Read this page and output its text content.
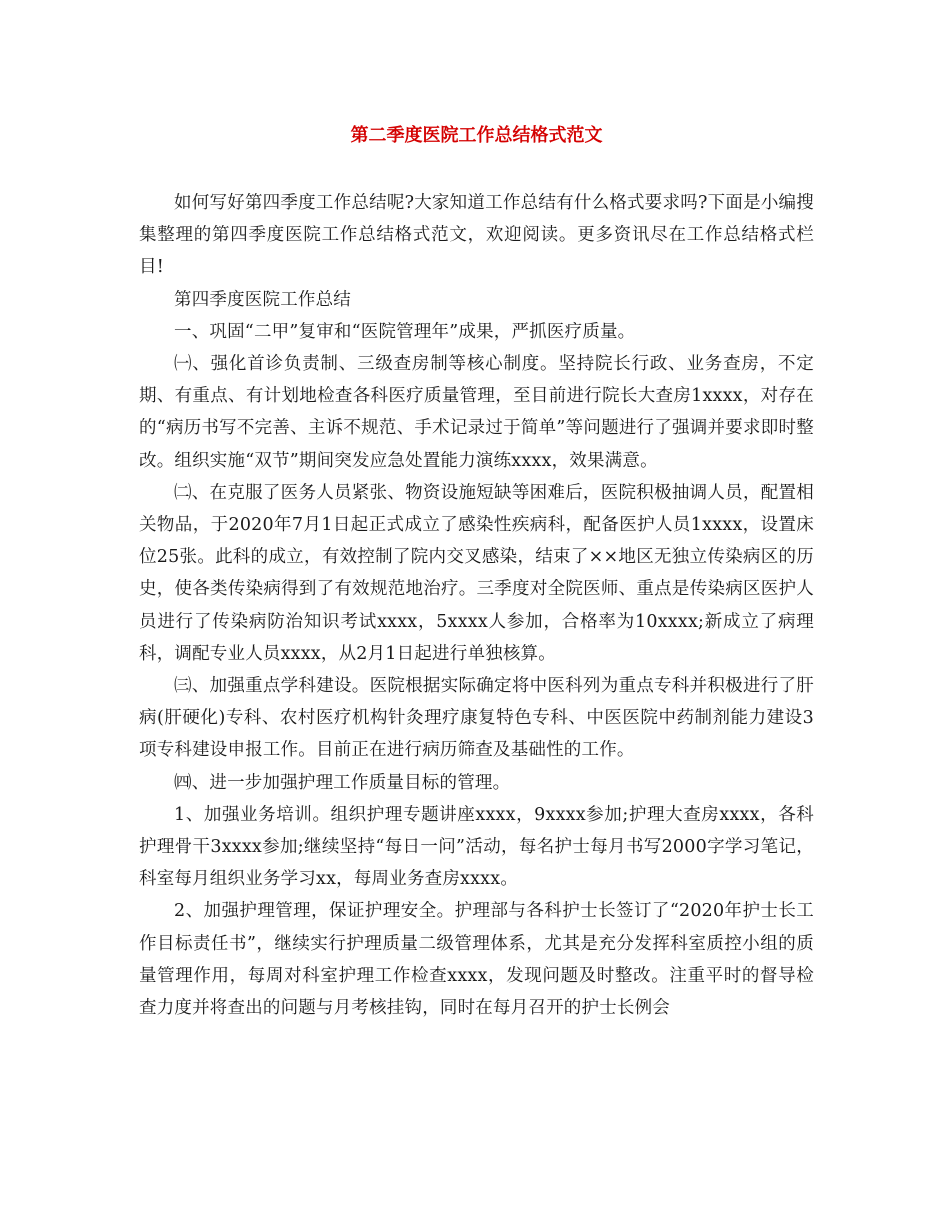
第二季度医院工作总结格式范文

如何写好第四季度工作总结呢?大家知道工作总结有什么格式要求吗?下面是小编搜集整理的第四季度医院工作总结格式范文，欢迎阅读。更多资讯尽在工作总结格式栏目!

第四季度医院工作总结

一、巩固“二甲”复审和“医院管理年”成果，严抓医疗质量。

㈠、强化首诊负责制、三级查房制等核心制度。坚持院长行政、业务查房，不定期、有重点、有计划地检查各科医疗质量管理，至目前进行院长大查房1xxxx，对存在的“病历书写不完善、主诉不规范、手术记录过于简单”等问题进行了强调并要求即时整改。组织实施“双节”期间突发应急处置能力演练xxxx，效果满意。

㈡、在克服了医务人员紧张、物资设施短缺等困难后，医院积极抽调人员，配置相关物品，于2020年7月1日起正式成立了感染性疾病科，配备医护人员1xxxx，设置床位25张。此科的成立，有效控制了院内交叉感染，结束了××地区无独立传染病区的历史，使各类传染病得到了有效规范地治疗。三季度对全院医师、重点是传染病区医护人员进行了传染病防治知识考试xxxx，5xxxx人参加，合格率为10xxxx;新成立了病理科，调配专业人员xxxx，从2月1日起进行单独核算。

㈢、加强重点学科建设。医院根据实际确定将中医科列为重点专科并积极进行了肝病(肝硬化)专科、农村医疗机构针灸理疗康复特色专科、中医医院中药制剂能力建设3项专科建设申报工作。目前正在进行病历筛查及基础性的工作。

㈣、进一步加强护理工作质量目标的管理。

1、加强业务培训。组织护理专题讲座xxxx，9xxxx参加;护理大查房xxxx，各科护理骨干3xxxx参加;继续坚持“每日一问”活动，每名护士每月书写2000字学习笔记，科室每月组织业务学习xx，每周业务查房xxxx。

2、加强护理管理，保证护理安全。护理部与各科护士长签订了“2020年护士长工作目标责任书”，继续实行护理质量二级管理体系，尤其是充分发挥科室质控小组的质量管理作用，每周对科室护理工作检查xxxx，发现问题及时整改。注重平时的督导检查力度并将查出的问题与月考核挂钩，同时在每月召开的护士长例会
